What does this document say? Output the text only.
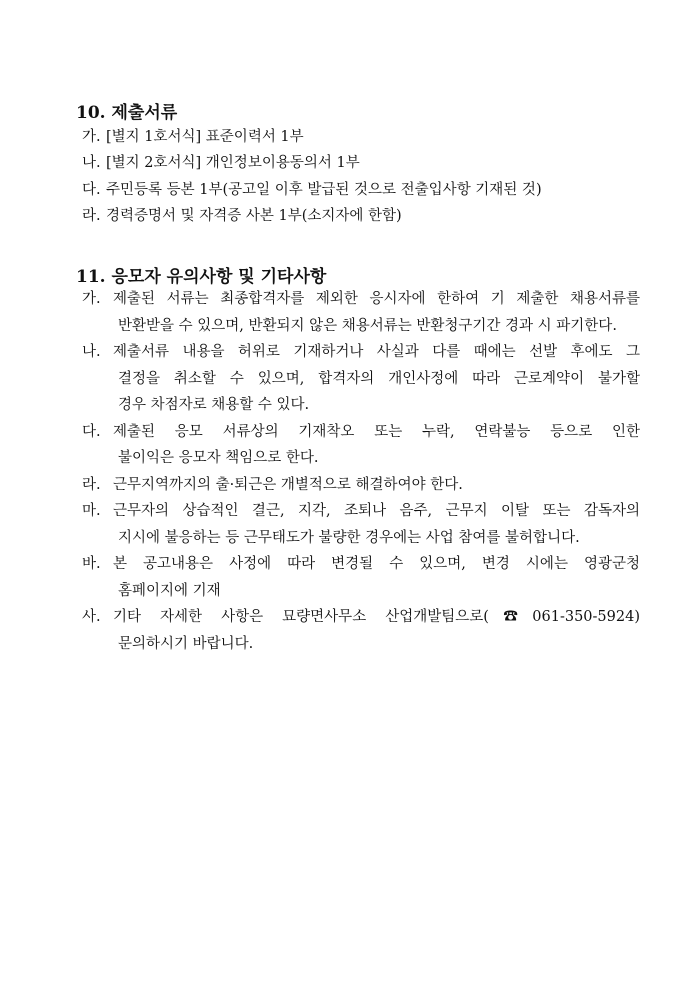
10. 제출서류
가. [별지 1호서식] 표준이력서 1부
나. [별지 2호서식] 개인정보이용동의서 1부
다. 주민등록 등본 1부(공고일 이후 발급된 것으로 전출입사항 기재된 것)
라. 경력증명서 및 자격증 사본 1부(소지자에 한함)
11. 응모자 유의사항 및 기타사항
가. 제출된 서류는 최종합격자를 제외한 응시자에 한하여 기 제출한 채용서류를
반환받을 수 있으며, 반환되지 않은 채용서류는 반환청구기간 경과 시 파기한다.
나. 제출서류 내용을 허위로 기재하거나 사실과 다를 때에는 선발 후에도 그
결정을 취소할 수 있으며, 합격자의 개인사정에 따라 근로계약이 불가할
경우 차점자로 채용할 수 있다.
다. 제출된 응모 서류상의 기재착오 또는 누락, 연락불능 등으로 인한
불이익은 응모자 책임으로 한다.
라. 근무지역까지의 출·퇴근은 개별적으로 해결하여야 한다.
마. 근무자의 상습적인 결근, 지각, 조퇴나 음주, 근무지 이탈 또는 감독자의
지시에 불응하는 등 근무태도가 불량한 경우에는 사업 참여를 불허합니다.
바. 본 공고내용은 사정에 따라 변경될 수 있으며, 변경 시에는 영광군청
홈페이지에 기재
사. 기타 자세한 사항은 묘량면사무소 산업개발팀으로(☎061-350-5924)
문의하시기 바랍니다.
